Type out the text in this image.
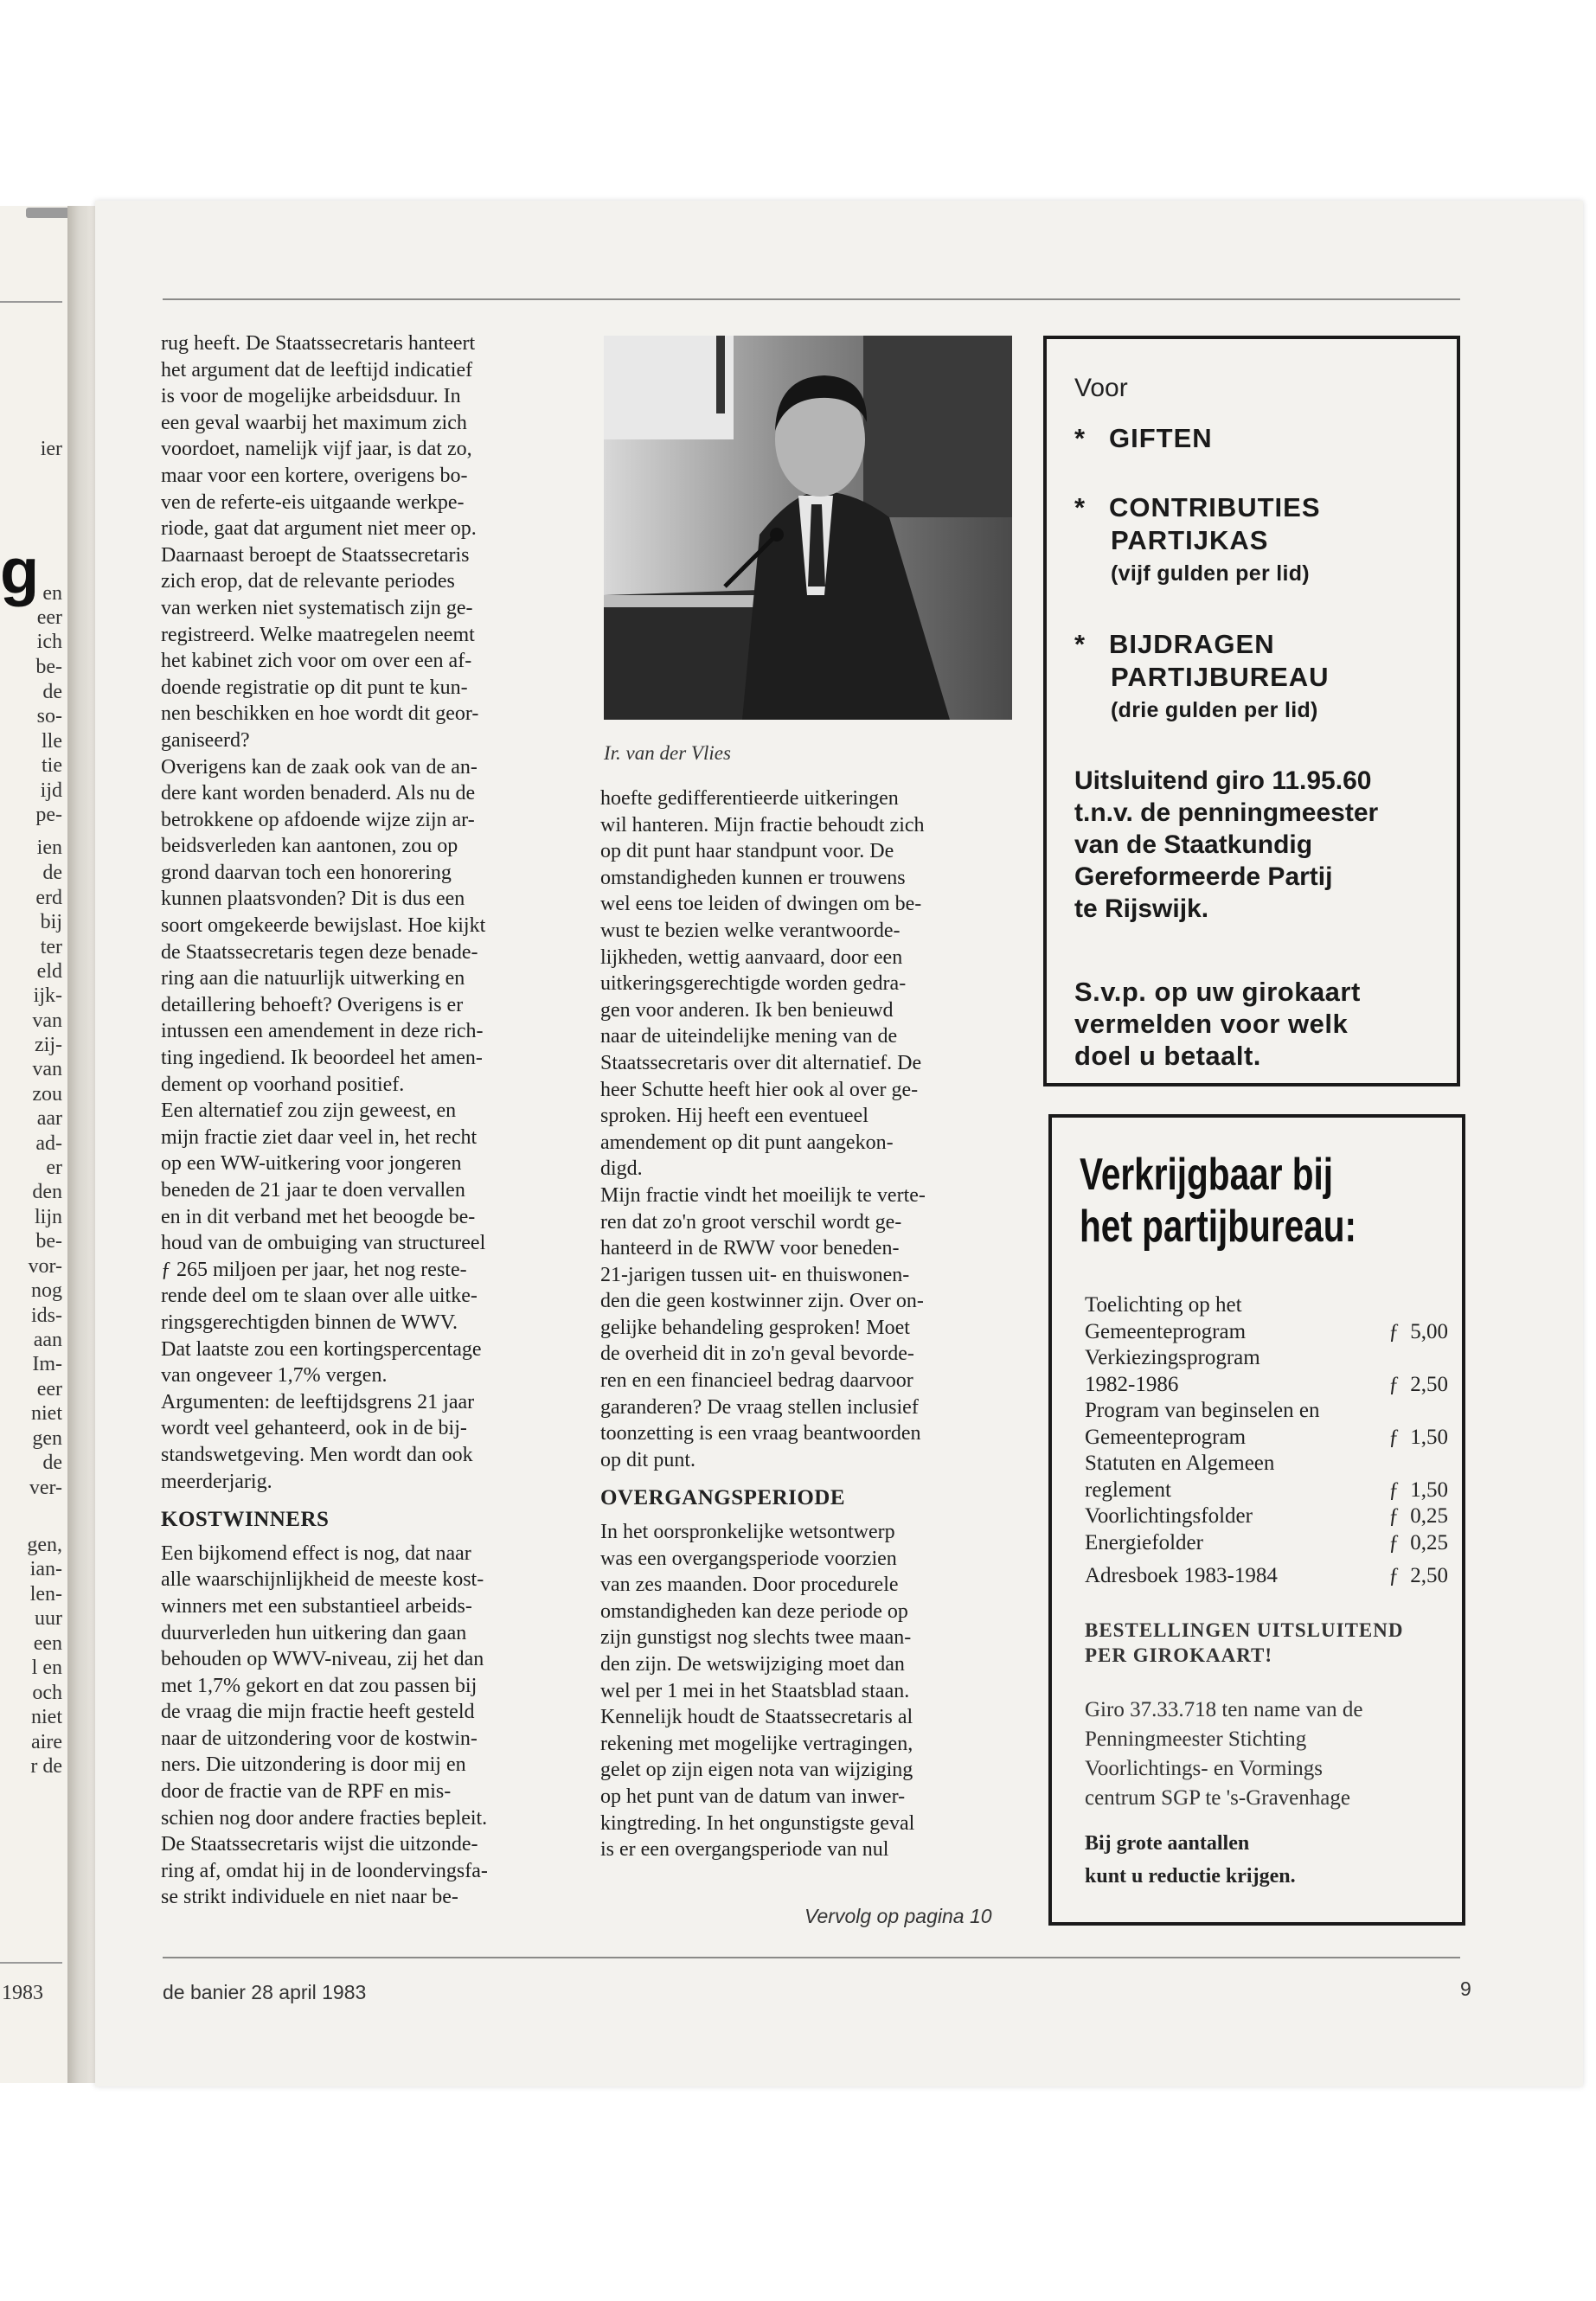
g
ier
en
eer
ich
be-
de
so-
lle
tie
ijd
pe-
ien
de
erd
bij
ter
eld
ijk-
van
zij-
van
zou
aar
ad-
er
den
lijn
be-
vor-
nog
ids-
aan
Im-
eer
niet
gen
de
ver-
gen,
ian-
len-
uur
een
l en
och
niet
aire
r de
1983
rug heeft. De Staatssecretaris hanteert
het argument dat de leeftijd indicatief
is voor de mogelijke arbeidsduur. In
een geval waarbij het maximum zich
voordoet, namelijk vijf jaar, is dat zo,
maar voor een kortere, overigens bo-
ven de referte-eis uitgaande werkpe-
riode, gaat dat argument niet meer op.
Daarnaast beroept de Staatssecretaris
zich erop, dat de relevante periodes
van werken niet systematisch zijn ge-
registreerd. Welke maatregelen neemt
het kabinet zich voor om over een af-
doende registratie op dit punt te kun-
nen beschikken en hoe wordt dit geor-
ganiseerd?
Overigens kan de zaak ook van de an-
dere kant worden benaderd. Als nu de
betrokkene op afdoende wijze zijn ar-
beidsverleden kan aantonen, zou op
grond daarvan toch een honorering
kunnen plaatsvonden? Dit is dus een
soort omgekeerde bewijslast. Hoe kijkt
de Staatssecretaris tegen deze benade-
ring aan die natuurlijk uitwerking en
detaillering behoeft? Overigens is er
intussen een amendement in deze rich-
ting ingediend. Ik beoordeel het amen-
dement op voorhand positief.
Een alternatief zou zijn geweest, en
mijn fractie ziet daar veel in, het recht
op een WW-uitkering voor jongeren
beneden de 21 jaar te doen vervallen
en in dit verband met het beoogde be-
houd van de ombuiging van structureel
ƒ 265 miljoen per jaar, het nog reste-
rende deel om te slaan over alle uitke-
ringsgerechtigden binnen de WWV.
Dat laatste zou een kortingspercentage
van ongeveer 1,7% vergen.
Argumenten: de leeftijdsgrens 21 jaar
wordt veel gehanteerd, ook in de bij-
standswetgeving. Men wordt dan ook
meerderjarig.
KOSTWINNERS
Een bijkomend effect is nog, dat naar
alle waarschijnlijkheid de meeste kost-
winners met een substantieel arbeids-
duurverleden hun uitkering dan gaan
behouden op WWV-niveau, zij het dan
met 1,7% gekort en dat zou passen bij
de vraag die mijn fractie heeft gesteld
naar de uitzondering voor de kostwin-
ners. Die uitzondering is door mij en
door de fractie van de RPF en mis-
schien nog door andere fracties bepleit.
De Staatssecretaris wijst die uitzonde-
ring af, omdat hij in de loondervingsfa-
se strikt individuele en niet naar be-
Ir. van der Vlies
hoefte gedifferentieerde uitkeringen
wil hanteren. Mijn fractie behoudt zich
op dit punt haar standpunt voor. De
omstandigheden kunnen er trouwens
wel eens toe leiden of dwingen om be-
wust te bezien welke verantwoorde-
lijkheden, wettig aanvaard, door een
uitkeringsgerechtigde worden gedra-
gen voor anderen. Ik ben benieuwd
naar de uiteindelijke mening van de
Staatssecretaris over dit alternatief. De
heer Schutte heeft hier ook al over ge-
sproken. Hij heeft een eventueel
amendement op dit punt aangekon-
digd.
Mijn fractie vindt het moeilijk te verte-
ren dat zo'n groot verschil wordt ge-
hanteerd in de RWW voor beneden-
21-jarigen tussen uit- en thuiswonen-
den die geen kostwinner zijn. Over on-
gelijke behandeling gesproken! Moet
de overheid dit in zo'n geval bevorde-
ren en een financieel bedrag daarvoor
garanderen? De vraag stellen inclusief
toonzetting is een vraag beantwoorden
op dit punt.
OVERGANGSPERIODE
In het oorspronkelijke wetsontwerp
was een overgangsperiode voorzien
van zes maanden. Door procedurele
omstandigheden kan deze periode op
zijn gunstigst nog slechts twee maan-
den zijn. De wetswijziging moet dan
wel per 1 mei in het Staatsblad staan.
Kennelijk houdt de Staatssecretaris al
rekening met mogelijke vertragingen,
gelet op zijn eigen nota van wijziging
op het punt van de datum van inwer-
kingtreding. In het ongunstigste geval
is er een overgangsperiode van nul
Vervolg op pagina 10
Voor
* GIFTEN
* CONTRIBUTIES
PARTIJKAS
(vijf gulden per lid)
* BIJDRAGEN
PARTIJBUREAU
(drie gulden per lid)
Uitsluitend giro 11.95.60
t.n.v. de penningmeester
van de Staatkundig
Gereformeerde Partij
te Rijswijk.
S.v.p. op uw girokaart
vermelden voor welk
doel u betaalt.
Verkrijgbaar bij
het partijbureau:
Toelichting op het
Gemeenteprogram	ƒ  5,00
Verkiezingsprogram
1982-1986	ƒ  2,50
Program van beginselen en
Gemeenteprogram	ƒ  1,50
Statuten en Algemeen
reglement	ƒ  1,50
Voorlichtingsfolder	ƒ  0,25
Energiefolder	ƒ  0,25
Adresboek 1983-1984	ƒ  2,50
BESTELLINGEN UITSLUITEND
PER GIROKAART!
Giro 37.33.718 ten name van de
Penningmeester Stichting
Voorlichtings- en Vormings
centrum SGP te 's-Gravenhage
Bij grote aantallen
kunt u reductie krijgen.
de banier 28 april 1983	9
